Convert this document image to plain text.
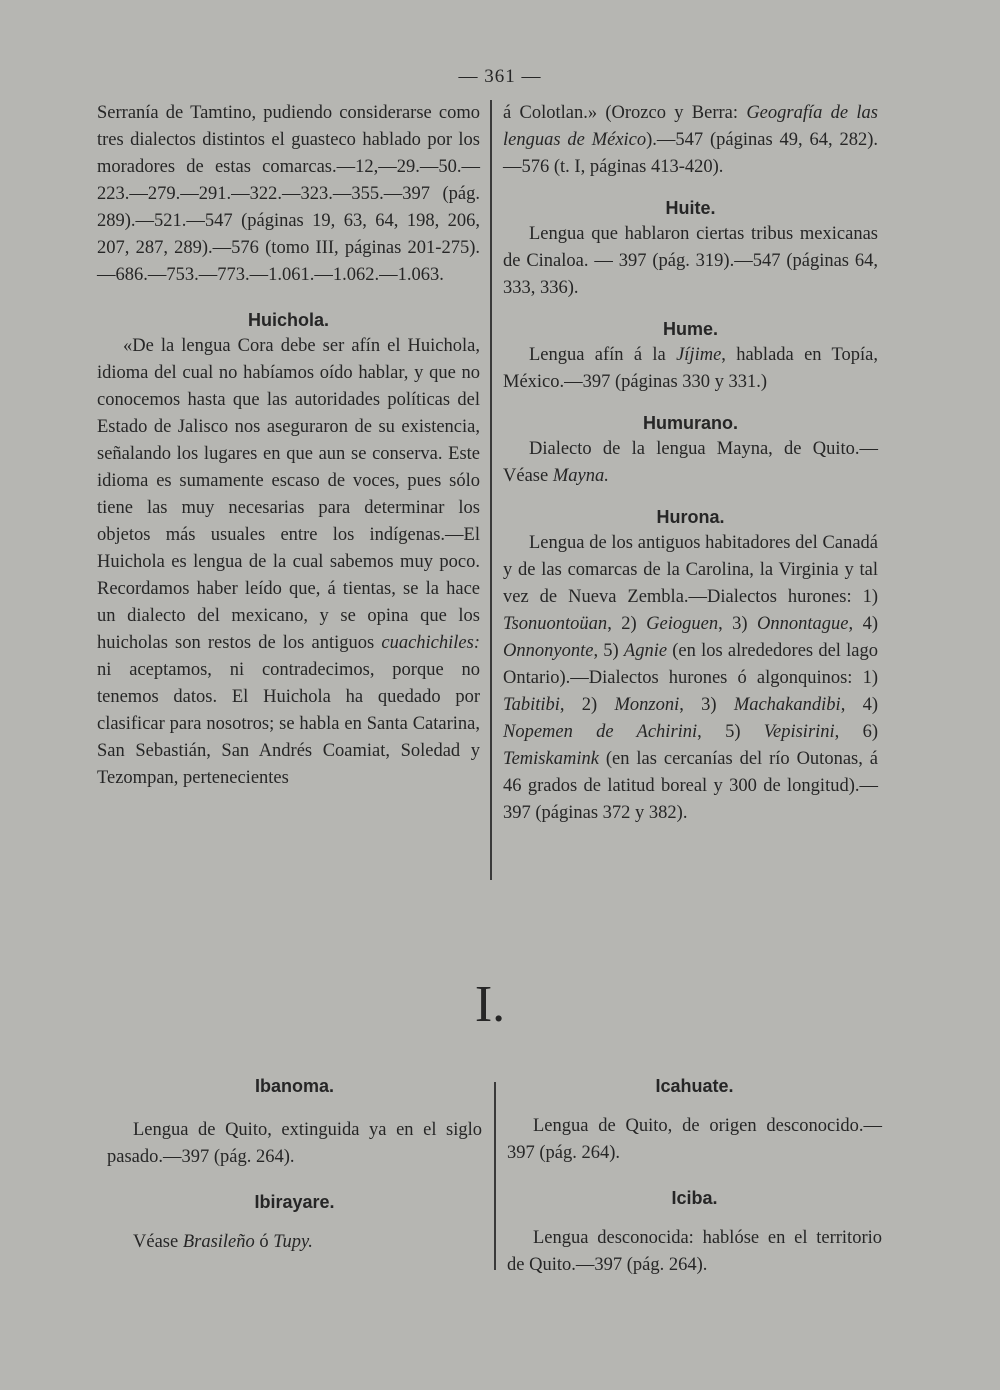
— 361 —

Serranía de Tamtino, pudiendo considerarse como tres dialectos distintos el guasteco hablado por los moradores de estas comarcas.—12,—29.—50.—223.—279.—291.—322.—323.—355.—397 (pág. 289).—521.—547 (páginas 19, 63, 64, 198, 206, 207, 287, 289).—576 (tomo III, páginas 201-275).—686.—753.—773.—1.061.—1.062.—1.063.

Huichola.

«De la lengua Cora debe ser afín el Huichola, idioma del cual no habíamos oído hablar, y que no conocemos hasta que las autoridades políticas del Estado de Jalisco nos aseguraron de su existencia, señalando los lugares en que aun se conserva. Este idioma es sumamente escaso de voces, pues sólo tiene las muy necesarias para determinar los objetos más usuales entre los indígenas.—El Huichola es lengua de la cual sabemos muy poco. Recordamos haber leído que, á tientas, se la hace un dialecto del mexicano, y se opina que los huicholas son restos de los antiguos cuachichiles: ni aceptamos, ni contradecimos, porque no tenemos datos. El Huichola ha quedado por clasificar para nosotros; se habla en Santa Catarina, San Sebastián, San Andrés Coamiat, Soledad y Tezompan, pertenecientes

á Colotlan.» (Orozco y Berra: Geografía de las lenguas de México).—547 (páginas 49, 64, 282).—576 (t. I, páginas 413-420).

Huite.

Lengua que hablaron ciertas tribus mexicanas de Cinaloa. — 397 (pág. 319).—547 (páginas 64, 333, 336).

Hume.

Lengua afín á la Jíjime, hablada en Topía, México.—397 (páginas 330 y 331.)

Humurano.

Dialecto de la lengua Mayna, de Quito.—Véase Mayna.

Hurona.

Lengua de los antiguos habitadores del Canadá y de las comarcas de la Carolina, la Virginia y tal vez de Nueva Zembla.—Dialectos hurones: 1) Tsonuontoüan, 2) Geioguen, 3) Onnontague, 4) Onnonyonte, 5) Agnie (en los alrededores del lago Ontario).—Dialectos hurones ó algonquinos: 1) Tabitibi, 2) Monzoni, 3) Machakandibi, 4) Nopemen de Achirini, 5) Vepisirini, 6) Temiskamink (en las cercanías del río Outonas, á 46 grados de latitud boreal y 300 de longitud).—397 (páginas 372 y 382).

I.

Ibanoma.

Lengua de Quito, extinguida ya en el siglo pasado.—397 (pág. 264).

Ibirayare.

Véase Brasileño ó Tupy.

Icahuate.

Lengua de Quito, de origen desconocido.—397 (pág. 264).

Iciba.

Lengua desconocida: hablóse en el territorio de Quito.—397 (pág. 264).
